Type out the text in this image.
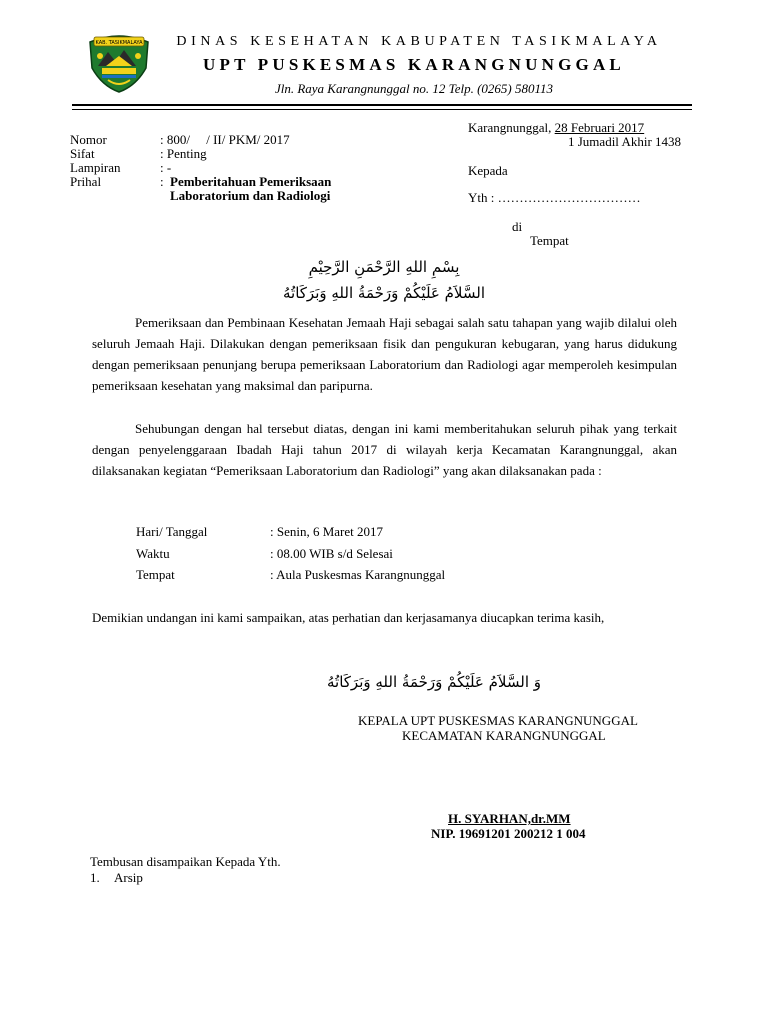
KAB. TASIKMALAYA	DINAS KESEHATAN KABUPATEN TASIKMALAYA
UPT PUSKESMAS KARANGNUNGGAL
Jln. Raya Karangnunggal no. 12 Telp. (0265) 580113
Nomor	: 800/     / II/ PKM/ 2017
Sifat	: Penting
Lampiran	: -
Prihal	: Pemberitahuan Pemeriksaan
Laboratorium dan Radiologi
Karangnunggal, 28 Februari 2017
1 Jumadil Akhir 1438
Kepada
Yth : ……………………………
di
Tempat
بِسْمِ اللهِ الرَّحْمَنِ الرَّحِيْمِ
السَّلاَمُ عَلَيْكُمْ وَرَحْمَةُ اللهِ وَبَرَكَاتُهُ
Pemeriksaan dan Pembinaan Kesehatan Jemaah Haji sebagai salah satu tahapan yang wajib dilalui oleh seluruh Jemaah Haji. Dilakukan dengan pemeriksaan fisik dan pengukuran kebugaran, yang harus didukung dengan pemeriksaan penunjang berupa pemeriksaan Laboratorium dan Radiologi agar memperoleh kesimpulan pemeriksaan kesehatan yang maksimal dan paripurna.
Sehubungan dengan hal tersebut diatas, dengan ini kami memberitahukan seluruh pihak yang terkait dengan penyelenggaraan Ibadah Haji tahun 2017 di wilayah kerja Kecamatan Karangnunggal, akan dilaksanakan kegiatan “Pemeriksaan Laboratorium dan Radiologi” yang akan dilaksanakan pada :
Hari/ Tanggal	: Senin, 6 Maret 2017
Waktu	: 08.00 WIB s/d Selesai
Tempat	: Aula Puskesmas Karangnunggal
Demikian undangan ini kami sampaikan, atas perhatian dan kerjasamanya diucapkan terima kasih,
وَ السَّلاَمُ عَلَيْكُمْ وَرَحْمَةُ اللهِ وَبَرَكَاتُهُ
KEPALA UPT PUSKESMAS KARANGNUNGGAL
KECAMATAN KARANGNUNGGAL
H. SYARHAN,dr.MM
NIP. 19691201 200212 1 004
Tembusan disampaikan Kepada Yth.
1. Arsip
